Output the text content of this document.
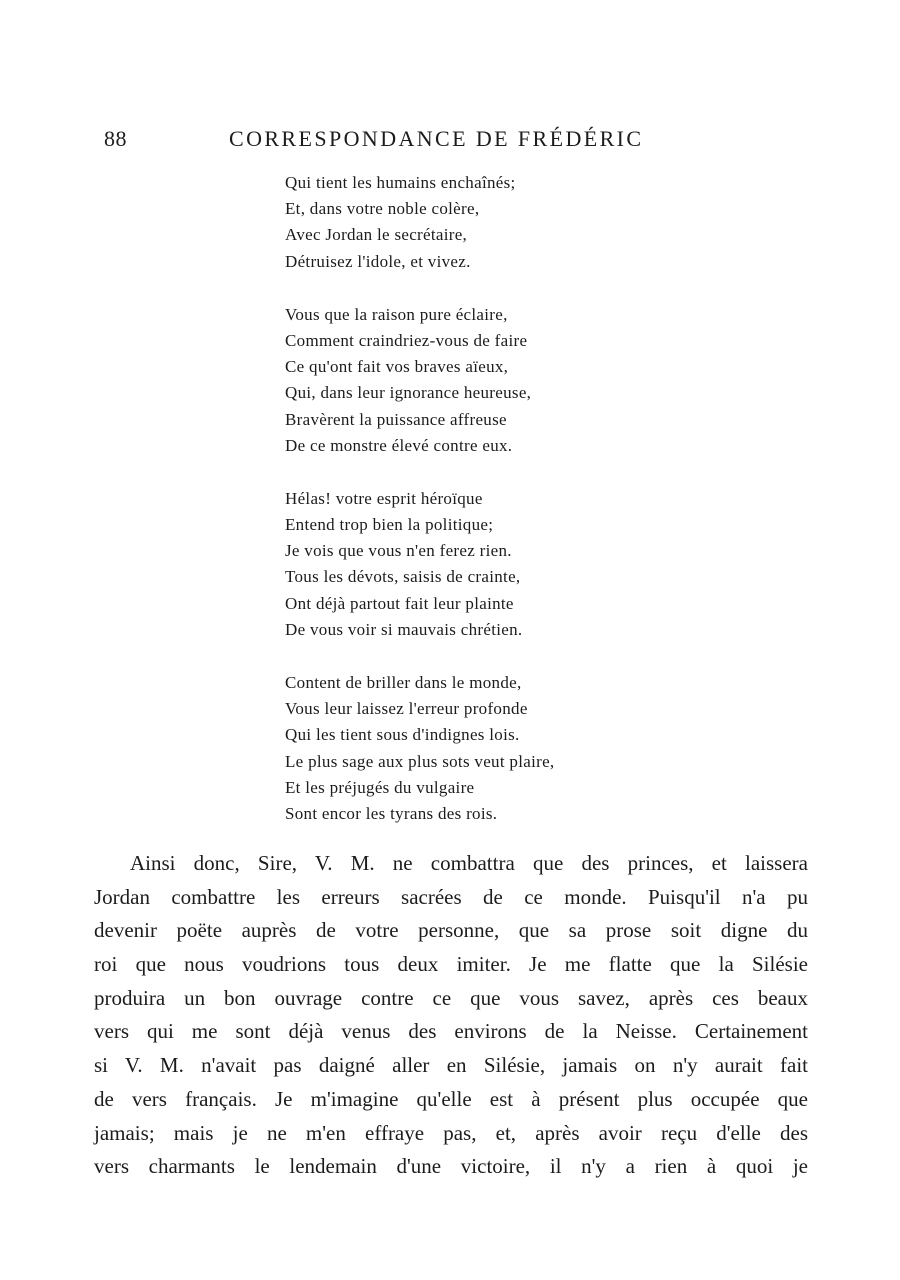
88	CORRESPONDANCE DE FRÉDÉRIC
Qui tient les humains enchaînés;
Et, dans votre noble colère,
Avec Jordan le secrétaire,
Détruisez l'idole, et vivez.
Vous que la raison pure éclaire,
Comment craindriez-vous de faire
Ce qu'ont fait vos braves aïeux,
Qui, dans leur ignorance heureuse,
Bravèrent la puissance affreuse
De ce monstre élevé contre eux.
Hélas! votre esprit héroïque
Entend trop bien la politique;
Je vois que vous n'en ferez rien.
Tous les dévots, saisis de crainte,
Ont déjà partout fait leur plainte
De vous voir si mauvais chrétien.
Content de briller dans le monde,
Vous leur laissez l'erreur profonde
Qui les tient sous d'indignes lois.
Le plus sage aux plus sots veut plaire,
Et les préjugés du vulgaire
Sont encor les tyrans des rois.
Ainsi donc, Sire, V. M. ne combattra que des princes, et laissera
Jordan combattre les erreurs sacrées de ce monde. Puisqu'il n'a pu
devenir poëte auprès de votre personne, que sa prose soit digne du
roi que nous voudrions tous deux imiter. Je me flatte que la Silésie
produira un bon ouvrage contre ce que vous savez, après ces beaux
vers qui me sont déjà venus des environs de la Neisse. Certainement
si V. M. n'avait pas daigné aller en Silésie, jamais on n'y aurait fait
de vers français. Je m'imagine qu'elle est à présent plus occupée que
jamais; mais je ne m'en effraye pas, et, après avoir reçu d'elle des
vers charmants le lendemain d'une victoire, il n'y a rien à quoi je
